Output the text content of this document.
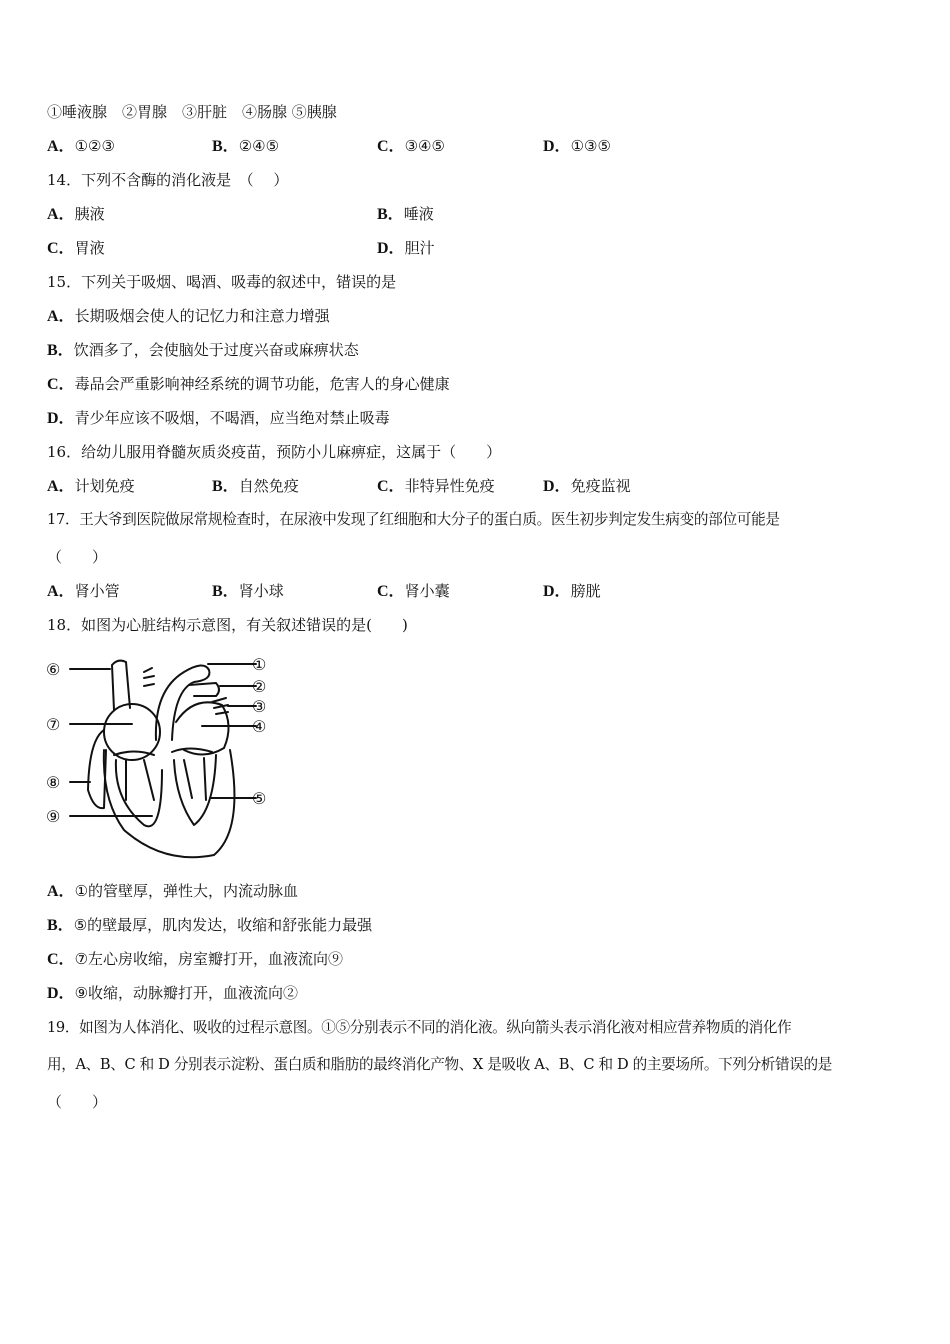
①唾液腺　②胃腺　③肝脏　④肠腺 ⑤胰腺
A．①②③	B．②④⑤	C．③④⑤	D．①③⑤
14．下列不含酶的消化液是　（　 ）
A．胰液	B．唾液
C．胃液	D．胆汁
15．下列关于吸烟、喝酒、吸毒的叙述中，错误的是
A．长期吸烟会使人的记忆力和注意力增强
B．饮酒多了，会使脑处于过度兴奋或麻痹状态
C．毒品会严重影响神经系统的调节功能，危害人的身心健康
D．青少年应该不吸烟，不喝酒，应当绝对禁止吸毒
16．给幼儿服用脊髓灰质炎疫苗，预防小儿麻痹症，这属于（　　）
A．计划免疫	B．自然免疫	C．非特异性免疫	D．免疫监视
17．王大爷到医院做尿常规检查时，在尿液中发现了红细胞和大分子的蛋白质。医生初步判定发生病变的部位可能是
（　　）
A．肾小管	B．肾小球	C．肾小囊	D．膀胱
18．如图为心脏结构示意图，有关叙述错误的是(　　)
⑥
⑦
⑧
⑨
①
②
③
④
⑤
A．①的管壁厚，弹性大，内流动脉血
B．⑤的壁最厚，肌肉发达，收缩和舒张能力最强
C．⑦左心房收缩，房室瓣打开，血液流向⑨
D．⑨收缩，动脉瓣打开，血液流向②
19．如图为人体消化、吸收的过程示意图。①⑤分别表示不同的消化液。纵向箭头表示消化液对相应营养物质的消化作
用，A、B、C 和 D 分别表示淀粉、蛋白质和脂肪的最终消化产物、X 是吸收 A、B、C 和 D 的主要场所。下列分析错误的是
（　　）
